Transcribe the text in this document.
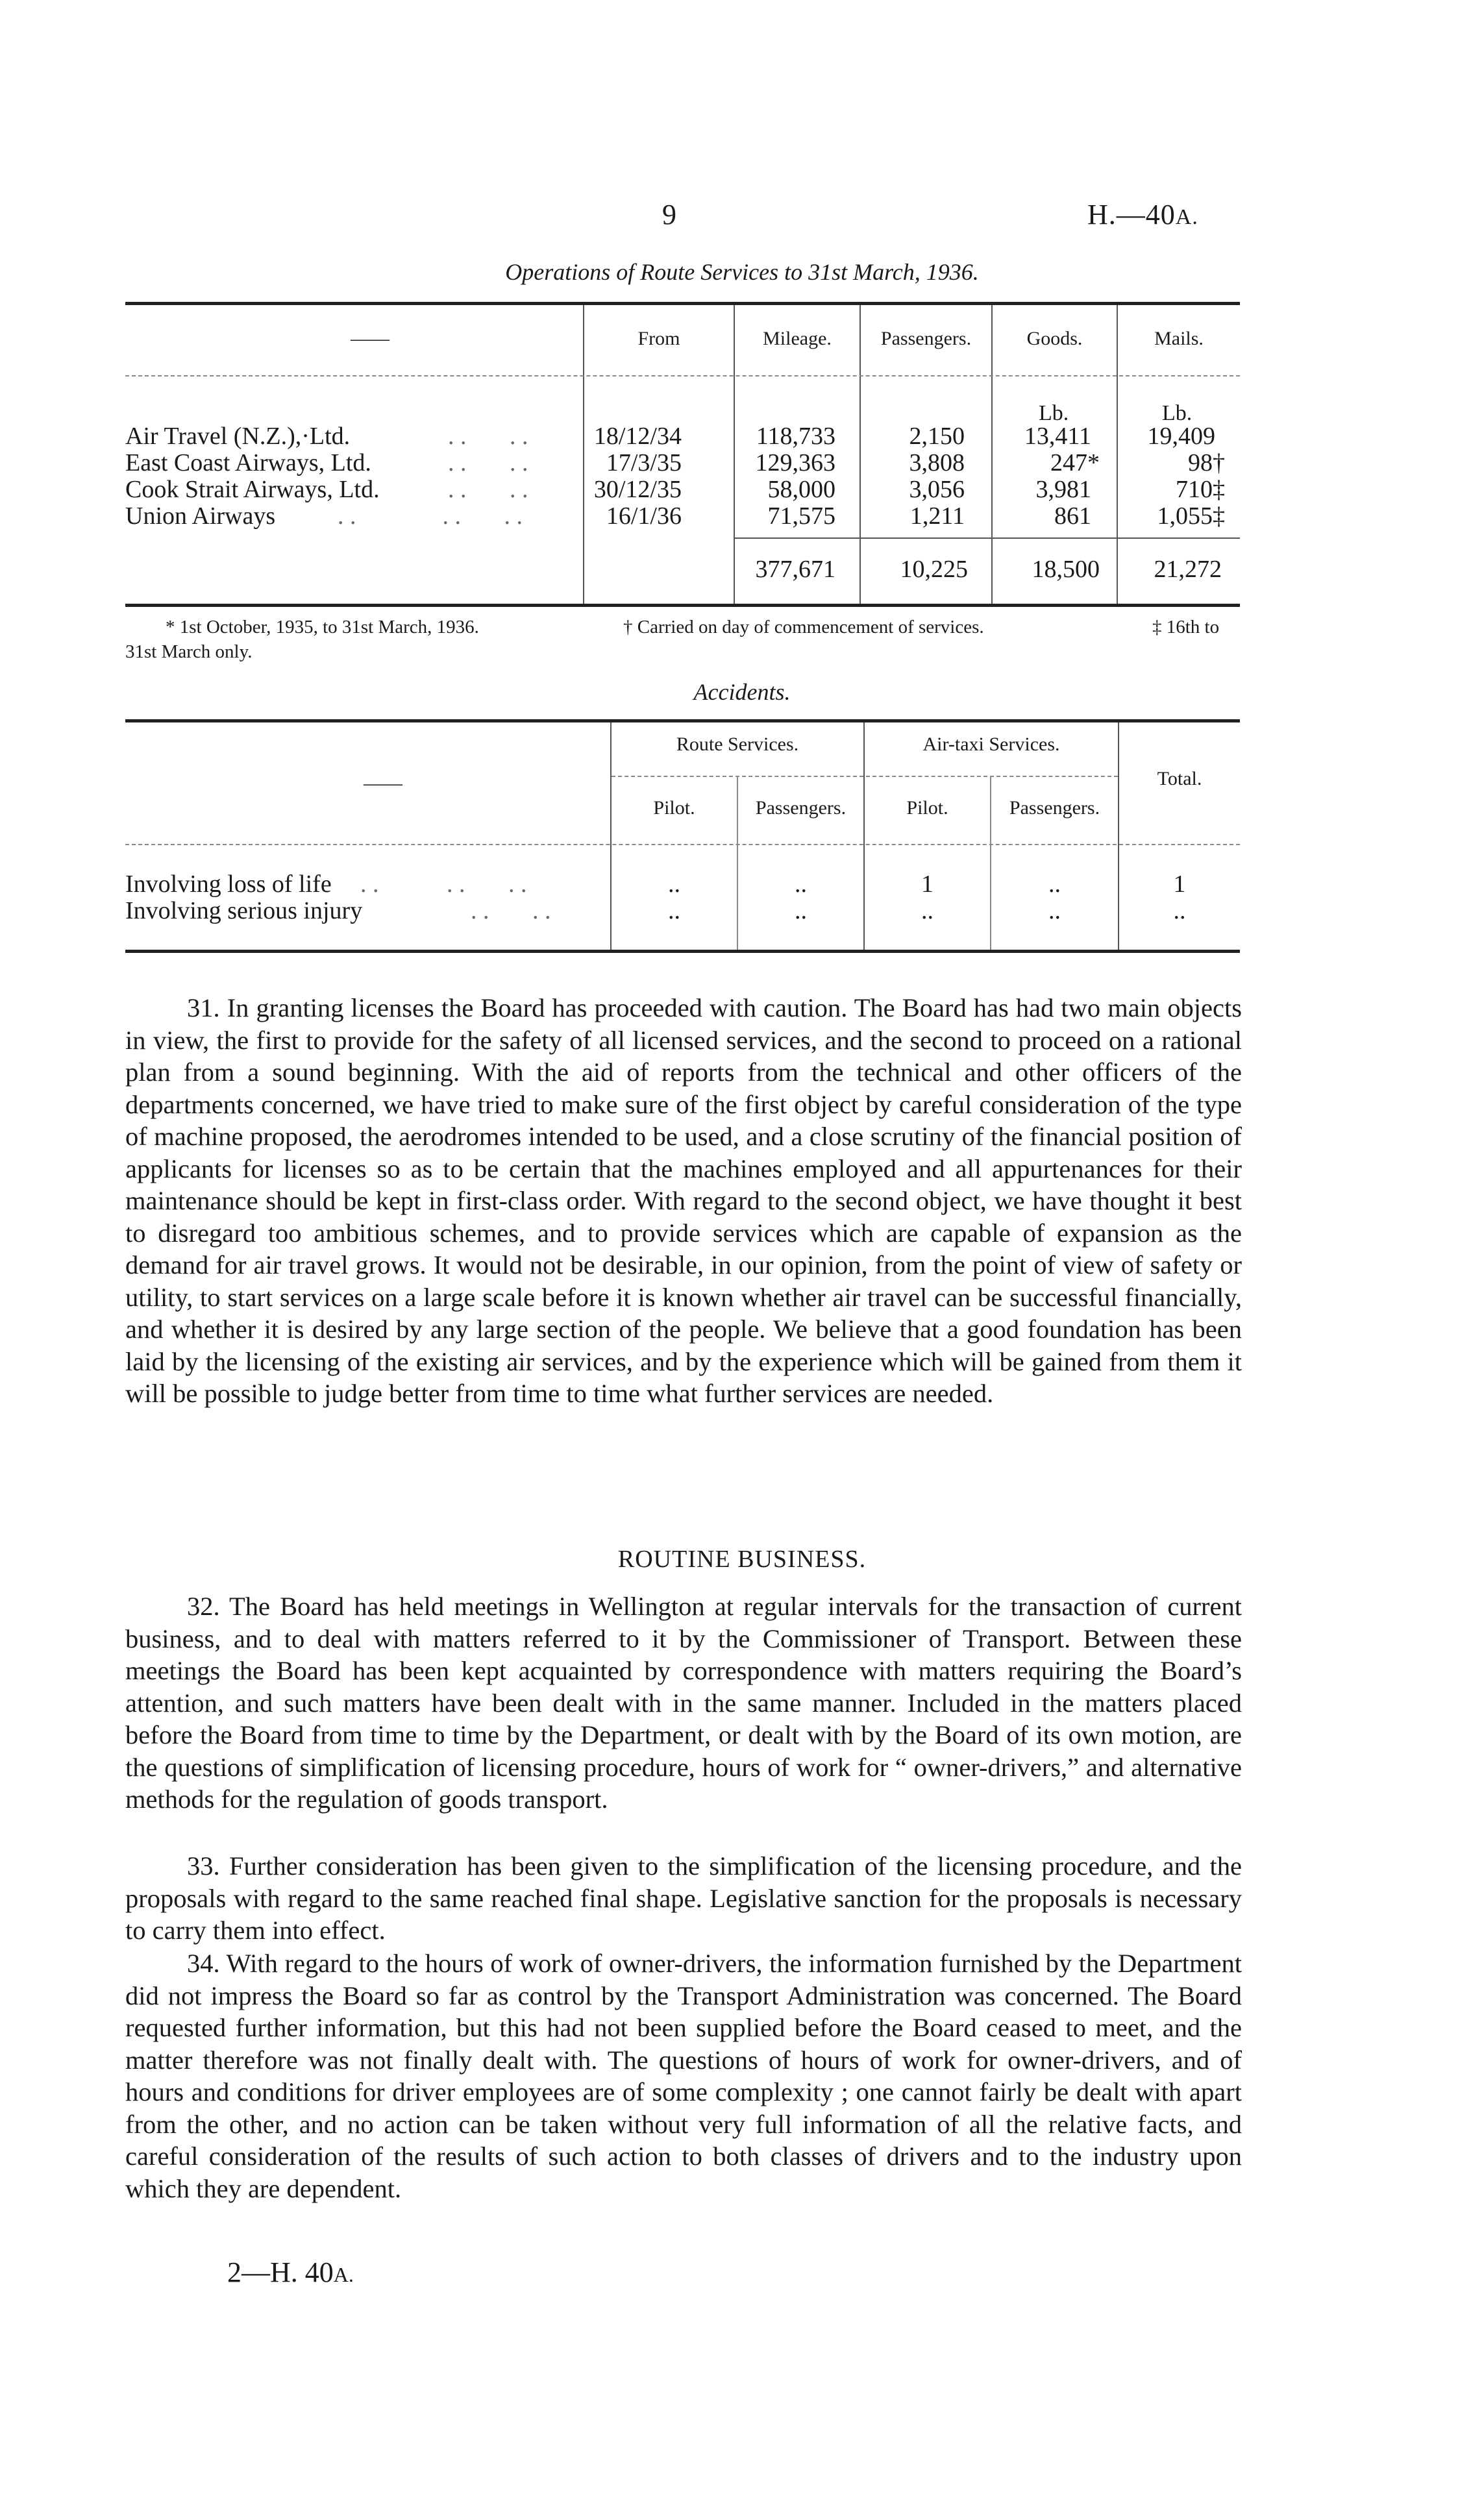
9	H.—40A.
Operations of Route Services to 31st March, 1936.
——	From	Mileage.	Passengers.	Goods.	Mails.
Lb.	Lb.
Air Travel (N.Z.),·Ltd.	. .       . .	18/12/34	118,733	2,150	13,411	19,409
East Coast Airways, Ltd.	. .       . .	17/3/35	129,363	3,808	247*	98†
Cook Strait Airways, Ltd.	. .       . .	30/12/35	58,000	3,056	3,981	710‡
Union Airways	. .              . .       . .	16/1/36	71,575	1,211	861	1,055‡
377,671	10,225	18,500	21,272
* 1st October, 1935, to 31st March, 1936.	† Carried on day of commencement of services.	‡ 16th to
31st March only.
Accidents.
Route Services.	Air-taxi Services.
——	Total.
Pilot.	Passengers.	Pilot.	Passengers.
Involving loss of life . .           . .       . .	..	..	1	..	1
Involving serious injury	. .       . .	..	..	..	..	..

31. In granting licenses the Board has proceeded with caution. The Board has had two main objects in view, the first to provide for the safety of all licensed services, and the second to proceed on a rational plan from a sound beginning. With the aid of reports from the technical and other officers of the departments concerned, we have tried to make sure of the first object by careful consideration of the type of machine proposed, the aerodromes intended to be used, and a close scrutiny of the financial position of applicants for licenses so as to be certain that the machines employed and all appurtenances for their maintenance should be kept in first-class order. With regard to the second object, we have thought it best to disregard too ambitious schemes, and to provide services which are capable of expansion as the demand for air travel grows. It would not be desirable, in our opinion, from the point of view of safety or utility, to start services on a large scale before it is known whether air travel can be successful financially, and whether it is desired by any large section of the people. We believe that a good foundation has been laid by the licensing of the existing air services, and by the experience which will be gained from them it will be possible to judge better from time to time what further services are needed.

ROUTINE BUSINESS.

32. The Board has held meetings in Wellington at regular intervals for the transaction of current business, and to deal with matters referred to it by the Commissioner of Transport. Between these meetings the Board has been kept acquainted by correspondence with matters requiring the Board’s attention, and such matters have been dealt with in the same manner. Included in the matters placed before the Board from time to time by the Department, or dealt with by the Board of its own motion, are the questions of simplification of licensing procedure, hours of work for “ owner-drivers,” and alternative methods for the regulation of goods transport.

33. Further consideration has been given to the simplification of the licensing procedure, and the proposals with regard to the same reached final shape. Legislative sanction for the proposals is necessary to carry them into effect.

34. With regard to the hours of work of owner-drivers, the information furnished by the Department did not impress the Board so far as control by the Transport Administration was concerned. The Board requested further information, but this had not been supplied before the Board ceased to meet, and the matter therefore was not finally dealt with. The questions of hours of work for owner-drivers, and of hours and conditions for driver employees are of some complexity ; one cannot fairly be dealt with apart from the other, and no action can be taken without very full information of all the relative facts, and careful consideration of the results of such action to both classes of drivers and to the industry upon which they are dependent.

2—H. 40A.
